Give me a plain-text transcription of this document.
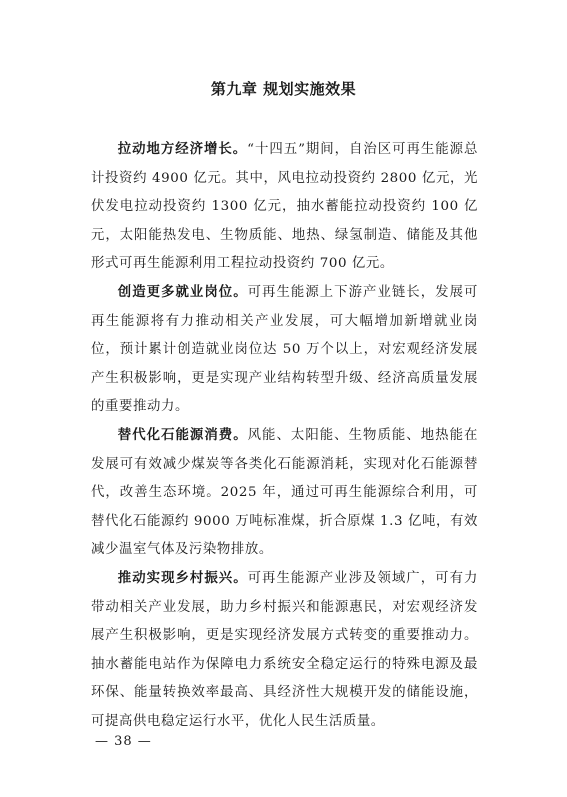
第九章 规划实施效果

拉动地方经济增长。“十四五”期间，自治区可再生能源总计投资约 4900 亿元。其中，风电拉动投资约 2800 亿元，光伏发电拉动投资约 1300 亿元，抽水蓄能拉动投资约 100 亿元，太阳能热发电、生物质能、地热、绿氢制造、储能及其他形式可再生能源利用工程拉动投资约 700 亿元。

创造更多就业岗位。可再生能源上下游产业链长，发展可再生能源将有力推动相关产业发展，可大幅增加新增就业岗位，预计累计创造就业岗位达 50 万个以上，对宏观经济发展产生积极影响，更是实现产业结构转型升级、经济高质量发展的重要推动力。

替代化石能源消费。风能、太阳能、生物质能、地热能在发展可有效减少煤炭等各类化石能源消耗，实现对化石能源替代，改善生态环境。2025 年，通过可再生能源综合利用，可替代化石能源约 9000 万吨标准煤，折合原煤 1.3 亿吨，有效减少温室气体及污染物排放。

推动实现乡村振兴。可再生能源产业涉及领域广，可有力带动相关产业发展，助力乡村振兴和能源惠民，对宏观经济发展产生积极影响，更是实现经济发展方式转变的重要推动力。抽水蓄能电站作为保障电力系统安全稳定运行的特殊电源及最环保、能量转换效率最高、具经济性大规模开发的储能设施，可提高供电稳定运行水平，优化人民生活质量。

— 38 —
